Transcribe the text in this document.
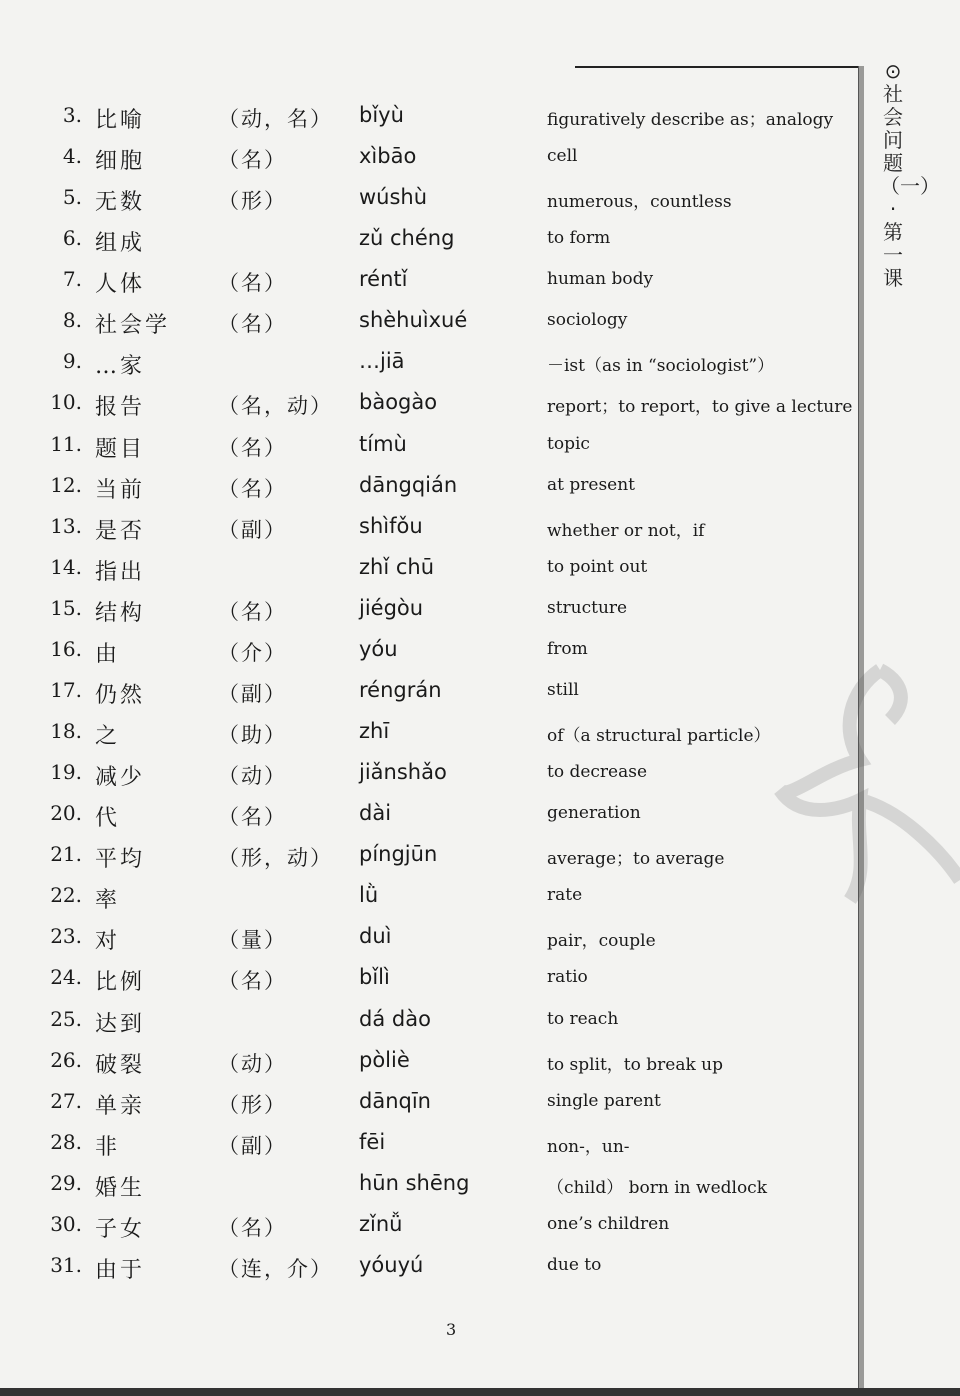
⊙社会问题（一）·第一课
3. 比喻	（动，名） bǐyù	figuratively describe as；analogy
4. 细胞	（名）	xìbāo	cell
5. 无数	（形）	wúshù	numerous，countless
6. 组成	zǔ chéng	to form
7. 人体	（名）	réntǐ	human body
8. 社会学 （名）	shèhuìxué	sociology
9. …家	…jiā	－ist（as in “sociologist”）
10. 报告	（名，动） bàogào	report；to report，to give a lecture
11. 题目	（名）	tímù	topic
12. 当前	（名）	dāngqián	at present
13. 是否	（副）	shìfǒu	whether or not，if
14. 指出	zhǐ chū	to point out
15. 结构	（名）	jiégòu	structure
16. 由	（介）	yóu	from
17. 仍然	（副）	réngrán	still
18. 之	（助）	zhī	of（a structural particle）
19. 减少	（动）	jiǎnshǎo	to decrease
20. 代	（名）	dài	generation
21. 平均	（形，动） píngjūn	average；to average
22. 率	lǜ	rate
23. 对	（量）	duì	pair，couple
24. 比例	（名）	bǐlì	ratio
25. 达到	dá dào	to reach
26. 破裂	（动）	pòliè	to split，to break up
27. 单亲	（形）	dānqīn	single parent
28. 非	（副）	fēi	non-，un-
29. 婚生	hūn shēng	（child） born in wedlock
30. 子女	（名）	zǐnǚ	one’s children
31. 由于	（连，介） yóuyú	due to
3
